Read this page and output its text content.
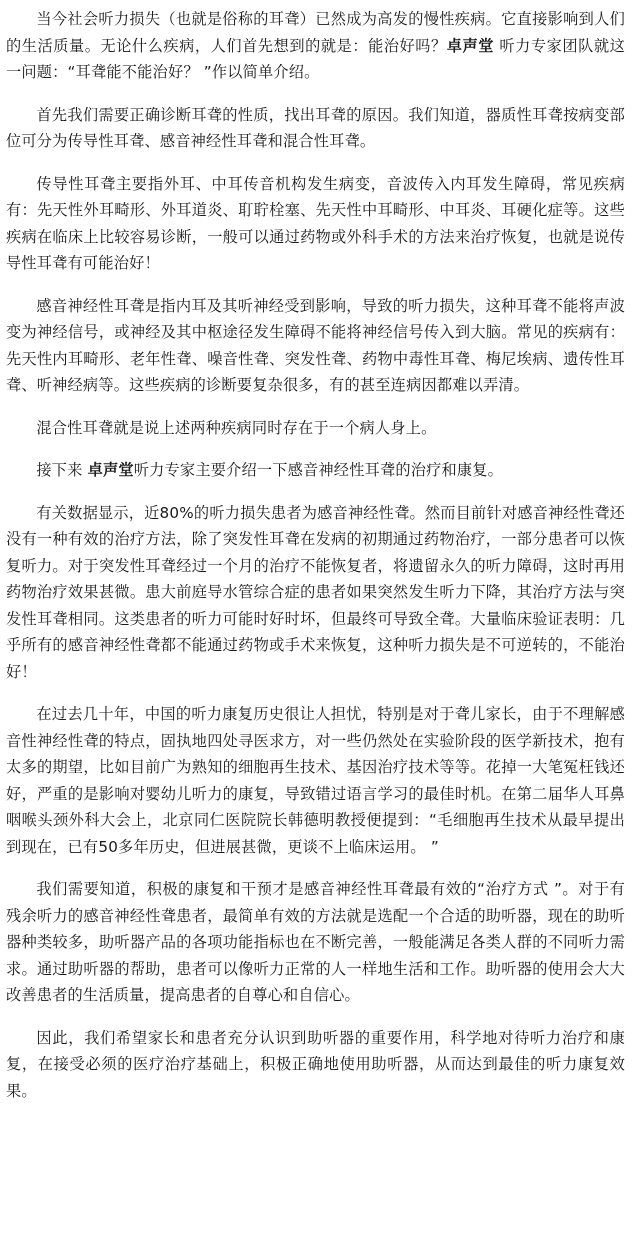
当今社会听力损失（也就是俗称的耳聋）已然成为高发的慢性疾病。它直接影响到人们的生活质量。无论什么疾病，人们首先想到的就是：能治好吗？卓声堂 听力专家团队就这一问题：“耳聋能不能治好？ ”作以简单介绍。

首先我们需要正确诊断耳聋的性质，找出耳聋的原因。我们知道，器质性耳聋按病变部位可分为传导性耳聋、感音神经性耳聋和混合性耳聋。

传导性耳聋主要指外耳、中耳传音机构发生病变，音波传入内耳发生障碍，常见疾病有：先天性外耳畸形、外耳道炎、耵聍栓塞、先天性中耳畸形、中耳炎、耳硬化症等。这些疾病在临床上比较容易诊断，一般可以通过药物或外科手术的方法来治疗恢复，也就是说传导性耳聋有可能治好！

感音神经性耳聋是指内耳及其听神经受到影响，导致的听力损失，这种耳聋不能将声波变为神经信号，或神经及其中枢途径发生障碍不能将神经信号传入到大脑。常见的疾病有：先天性内耳畸形、老年性聋、噪音性聋、突发性聋、药物中毒性耳聋、梅尼埃病、遗传性耳聋、听神经病等。这些疾病的诊断要复杂很多，有的甚至连病因都难以弄清。

混合性耳聋就是说上述两种疾病同时存在于一个病人身上。

接下来 卓声堂听力专家主要介绍一下感音神经性耳聋的治疗和康复。

有关数据显示，近80%的听力损失患者为感音神经性聋。然而目前针对感音神经性聋还没有一种有效的治疗方法，除了突发性耳聋在发病的初期通过药物治疗，一部分患者可以恢复听力。对于突发性耳聋经过一个月的治疗不能恢复者，将遗留永久的听力障碍，这时再用药物治疗效果甚微。患大前庭导水管综合症的患者如果突然发生听力下降，其治疗方法与突发性耳聋相同。这类患者的听力可能时好时坏，但最终可导致全聋。大量临床验证表明：几乎所有的感音神经性聋都不能通过药物或手术来恢复，这种听力损失是不可逆转的，不能治好！

在过去几十年，中国的听力康复历史很让人担忧，特别是对于聋儿家长，由于不理解感音性神经性聋的特点，固执地四处寻医求方，对一些仍然处在实验阶段的医学新技术，抱有太多的期望，比如目前广为熟知的细胞再生技术、基因治疗技术等等。花掉一大笔冤枉钱还好，严重的是影响对婴幼儿听力的康复，导致错过语言学习的最佳时机。在第二届华人耳鼻咽喉头颈外科大会上，北京同仁医院院长韩德明教授便提到：“毛细胞再生技术从最早提出到现在，已有50多年历史，但进展甚微，更谈不上临床运用。 ”

我们需要知道，积极的康复和干预才是感音神经性耳聋最有效的“治疗方式 ”。对于有残余听力的感音神经性聋患者，最简单有效的方法就是选配一个合适的助听器，现在的助听器种类较多，助听器产品的各项功能指标也在不断完善，一般能满足各类人群的不同听力需求。通过助听器的帮助，患者可以像听力正常的人一样地生活和工作。助听器的使用会大大改善患者的生活质量，提高患者的自尊心和自信心。

因此，我们希望家长和患者充分认识到助听器的重要作用，科学地对待听力治疗和康复，在接受必须的医疗治疗基础上，积极正确地使用助听器，从而达到最佳的听力康复效果。
